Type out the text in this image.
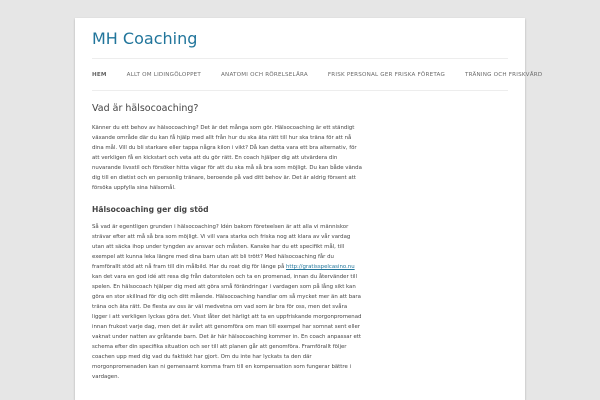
MH Coaching
HEM	ALLT OM LIDINGÖLOPPET	ANATOMI OCH RÖRELSELÄRA	FRISK PERSONAL GER FRISKA FÖRETAG	TRÄNING OCH FRISKVÅRD
Vad är hälsocoaching?

Känner du ett behov av hälsocoaching? Det är det många som gör. Hälsocoaching är ett ständigt växande område där du kan få hjälp med allt från hur du ska äta rätt till hur ska träna för att nå dina mål. Vill du bli starkare eller tappa några kilon i vikt? Då kan detta vara ett bra alternativ, för att verkligen få en kickstart och veta att du gör rätt. En coach hjälper dig att utvärdera din nuvarande livsstil och försöker hitta vägar för att du ska må så bra som möjligt. Du kan både vända dig till en dietist och en personlig tränare, beroende på vad ditt behov är. Det är aldrig försent att försöka uppfylla sina hälsomål.

Hälsocoaching ger dig stöd

Så vad är egentligen grunden i hälsocoaching? Idén bakom företeelsen är att alla vi människor strävar efter att må så bra som möjligt. Vi vill vara starka och friska nog att klara av vår vardag utan att säcka ihop under tyngden av ansvar och måsten. Kanske har du ett specifikt mål, till exempel att kunna leka längre med dina barn utan att bli trött? Med hälsocoaching får du framförallt stöd att nå fram till din målbild. Har du roat dig för länge på http://gratisspelcasino.nu kan det vara en god idé att resa dig från datorstolen och ta en promenad, innan du återvänder till spelen. En hälsocoach hjälper dig med att göra små förändringar i vardagen som på lång sikt kan göra en stor skillnad för dig och ditt mående. Hälsocoaching handlar om så mycket mer än att bara träna och äta rätt. De flesta av oss är väl medvetna om vad som är bra för oss, men det svåra ligger i att verkligen lyckas göra det. Visst låter det härligt att ta en uppfriskande morgonpromenad innan frukost varje dag, men det är svårt att genomföra om man till exempel har somnat sent eller vaknat under natten av gråtande barn. Det är här hälsocoaching kommer in. En coach anpassar ett schema efter din specifika situation och ser till att planen går att genomföra. Framförallt följer coachen upp med dig vad du faktiskt har gjort. Om du inte har lyckats ta den där morgonpromenaden kan ni gemensamt komma fram till en kompensation som fungerar bättre i vardagen.
